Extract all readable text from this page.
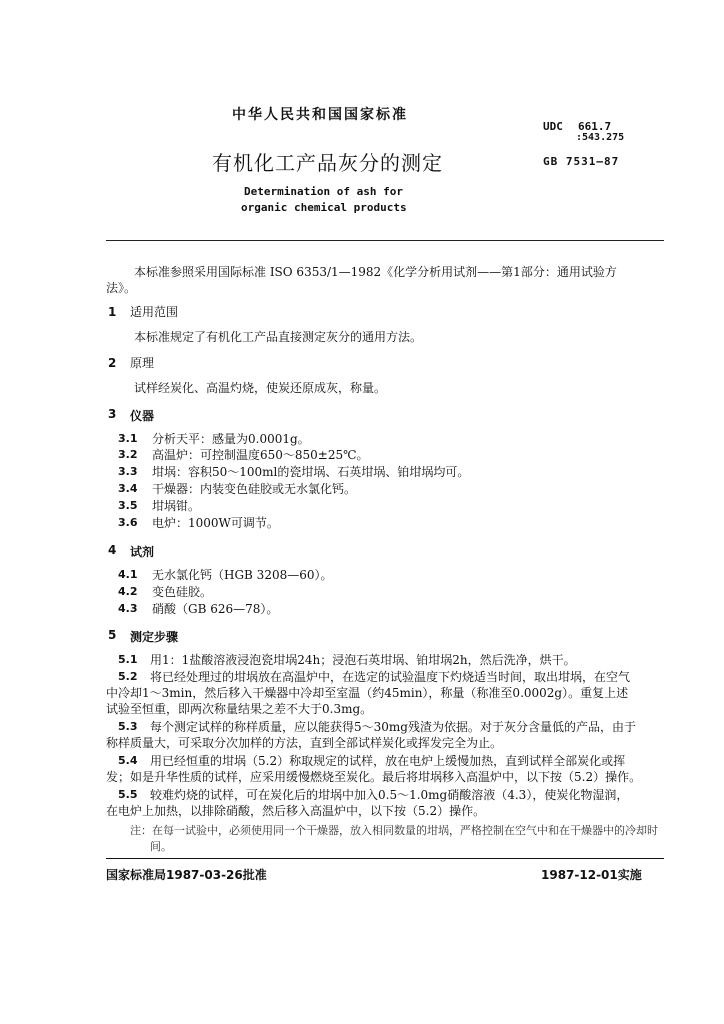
中华人民共和国国家标准
UDC 661.7
:543.275
有机化工产品灰分的测定	GB 7531—87
Determination of ash for
organic chemical products
本标准参照采用国际标准 ISO 6353/1—1982《化学分析用试剂——第1部分：通用试验方
法》。
1 适用范围
本标准规定了有机化工产品直接测定灰分的通用方法。
2 原理
试样经炭化、高温灼烧，使炭还原成灰，称量。
3 仪器
3.1 分析天平：感量为0.0001g。
3.2 高温炉：可控制温度650～850±25℃。
3.3 坩埚：容积50～100ml的瓷坩埚、石英坩埚、铂坩埚均可。
3.4 干燥器：内装变色硅胶或无水氯化钙。
3.5 坩埚钳。
3.6 电炉：1000W可调节。
4 试剂
4.1 无水氯化钙（HGB 3208—60）。
4.2 变色硅胶。
4.3 硝酸（GB 626—78）。
5 测定步骤
5.1 用1：1盐酸溶液浸泡瓷坩埚24h；浸泡石英坩埚、铂坩埚2h，然后洗净，烘干。
5.2 将已经处理过的坩埚放在高温炉中，在选定的试验温度下灼烧适当时间，取出坩埚，在空气
中冷却1～3min，然后移入干燥器中冷却至室温（约45min），称量（称准至0.0002g）。重复上述
试验至恒重，即两次称量结果之差不大于0.3mg。
5.3 每个测定试样的称样质量，应以能获得5～30mg残渣为依据。对于灰分含量低的产品，由于
称样质量大，可采取分次加样的方法，直到全部试样炭化或挥发完全为止。
5.4 用已经恒重的坩埚（5.2）称取规定的试样，放在电炉上缓慢加热，直到试样全部炭化或挥
发；如是升华性质的试样，应采用缓慢燃烧至炭化。最后将坩埚移入高温炉中，以下按（5.2）操作。
5.5 较难灼烧的试样，可在炭化后的坩埚中加入0.5～1.0mg硝酸溶液（4.3），使炭化物湿润，
在电炉上加热，以排除硝酸，然后移入高温炉中，以下按（5.2）操作。
注：在每一试验中，必须使用同一个干燥器，放入相同数量的坩埚，严格控制在空气中和在干燥器中的冷却时
间。
国家标准局1987-03-26批准	1987-12-01实施
